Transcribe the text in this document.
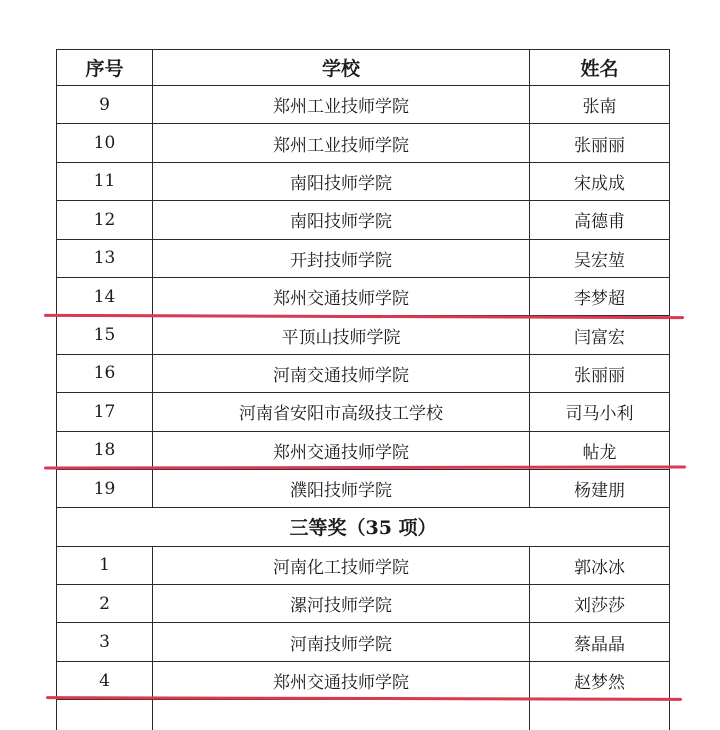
序号	学校	姓名
9	郑州工业技师学院	张南
10	郑州工业技师学院	张丽丽
11	南阳技师学院	宋成成
12	南阳技师学院	高德甫
13	开封技师学院	吴宏堃
14	郑州交通技师学院	李梦超
15	平顶山技师学院	闫富宏
16	河南交通技师学院	张丽丽
17	河南省安阳市高级技工学校	司马小利
18	郑州交通技师学院	帖龙
19	濮阳技师学院	杨建朋
三等奖（35 项）
1	河南化工技师学院	郭冰冰
2	漯河技师学院	刘莎莎
3	河南技师学院	蔡晶晶
4	郑州交通技师学院	赵梦然
